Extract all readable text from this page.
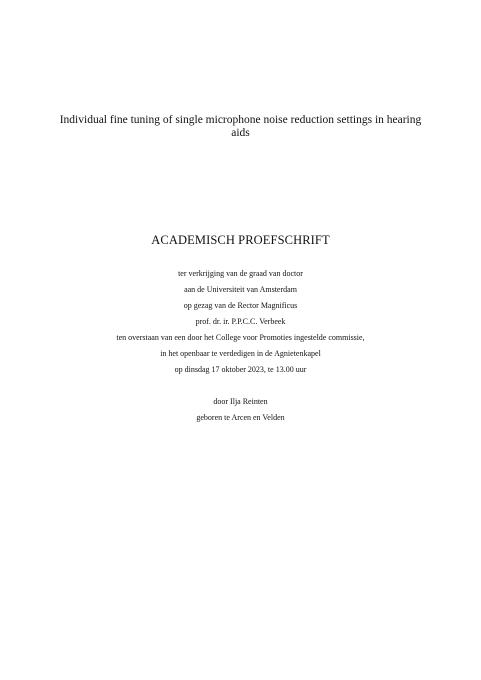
Individual fine tuning of single microphone noise reduction settings in hearing
aids
ACADEMISCH PROEFSCHRIFT
ter verkrijging van de graad van doctor
aan de Universiteit van Amsterdam
op gezag van de Rector Magnificus
prof. dr. ir. P.P.C.C. Verbeek
ten overstaan van een door het College voor Promoties ingestelde commissie,
in het openbaar te verdedigen in de Agnietenkapel
op dinsdag 17 oktober 2023, te 13.00 uur
door Ilja Reinten
geboren te Arcen en Velden
